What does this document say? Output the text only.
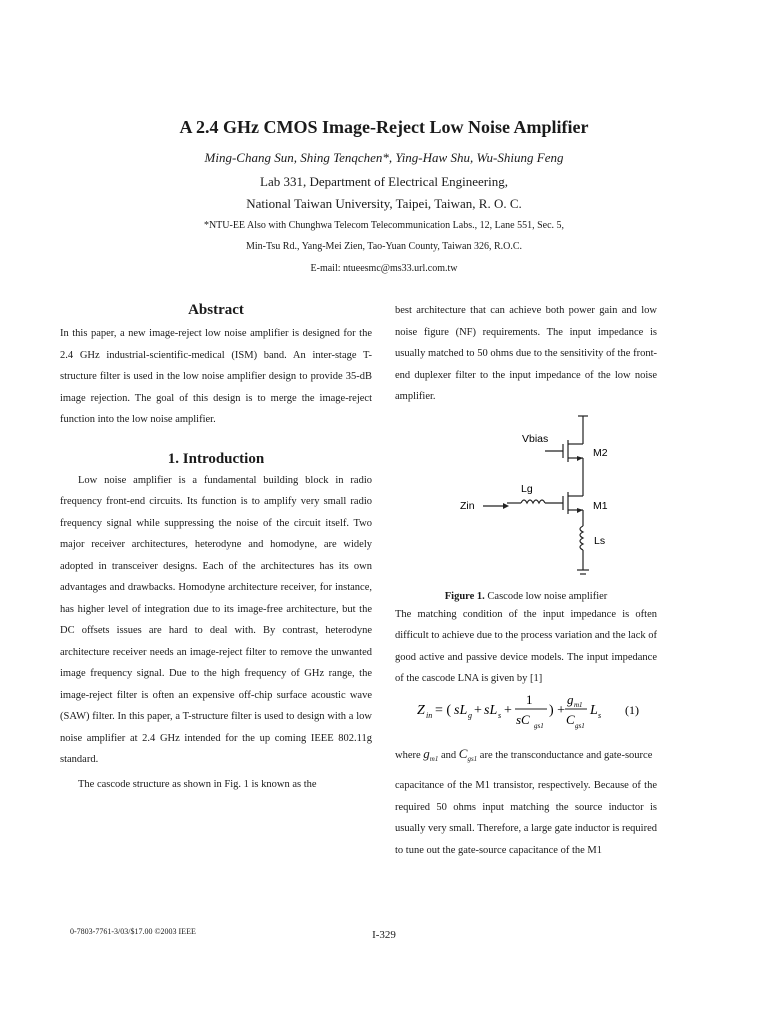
A 2.4 GHz CMOS Image-Reject Low Noise Amplifier
Ming-Chang Sun, Shing Tenqchen*, Ying-Haw Shu, Wu-Shiung Feng
Lab 331, Department of Electrical Engineering,
National Taiwan University, Taipei, Taiwan, R. O. C.
*NTU-EE Also with Chunghwa Telecom Telecommunication Labs., 12, Lane 551, Sec. 5,
Min-Tsu Rd., Yang-Mei Zien, Tao-Yuan County, Taiwan 326, R.O.C.
E-mail: ntueesmc@ms33.url.com.tw
Abstract

In this paper, a new image-reject low noise amplifier is designed for the 2.4 GHz industrial-scientific-medical (ISM) band. An inter-stage T-structure filter is used in the low noise amplifier design to provide 35-dB image rejection. The goal of this design is to merge the image-reject function into the low noise amplifier.

1. Introduction

Low noise amplifier is a fundamental building block in radio frequency front-end circuits. Its function is to amplify very small radio frequency signal while suppressing the noise of the circuit itself. Two major receiver architectures, heterodyne and homodyne, are widely adopted in transceiver designs. Each of the architectures has its own advantages and drawbacks. Homodyne architecture receiver, for instance, has higher level of integration due to its image-free architecture, but the DC offsets issues are hard to deal with. By contrast, heterodyne architecture receiver needs an image-reject filter to remove the unwanted image frequency signal. Due to the high frequency of GHz range, the image-reject filter is often an expensive off-chip surface acoustic wave (SAW) filter. In this paper, a T-structure filter is used to design with a low noise amplifier at 2.4 GHz intended for the up coming IEEE 802.11g standard.

The cascode structure as shown in Fig. 1 is known as the

best architecture that can achieve both power gain and low noise figure (NF) requirements. The input impedance is usually matched to 50 ohms due to the sensitivity of the front-end duplexer filter to the input impedance of the low noise amplifier.

Vbias
M2
Lg
Zin	M1
Ls
Figure 1. Cascode low noise amplifier

The matching condition of the input impedance is often difficult to achieve due to the process variation and the lack of good active and passive device models. The input impedance of the cascode LNA is given by [1]

Z in = ( sL g + sL s +
1
sC gs1
) +
g m1
C gs1
L s (1)
where $g_{m1}$ and $C_{gs1}$ are the transconductance and gate-source

capacitance of the M1 transistor, respectively. Because of the required 50 ohms input matching the source inductor is usually very small. Therefore, a large gate inductor is required to tune out the gate-source capacitance of the M1

0-7803-7761-3/03/$17.00 ©2003 IEEE	I-329
